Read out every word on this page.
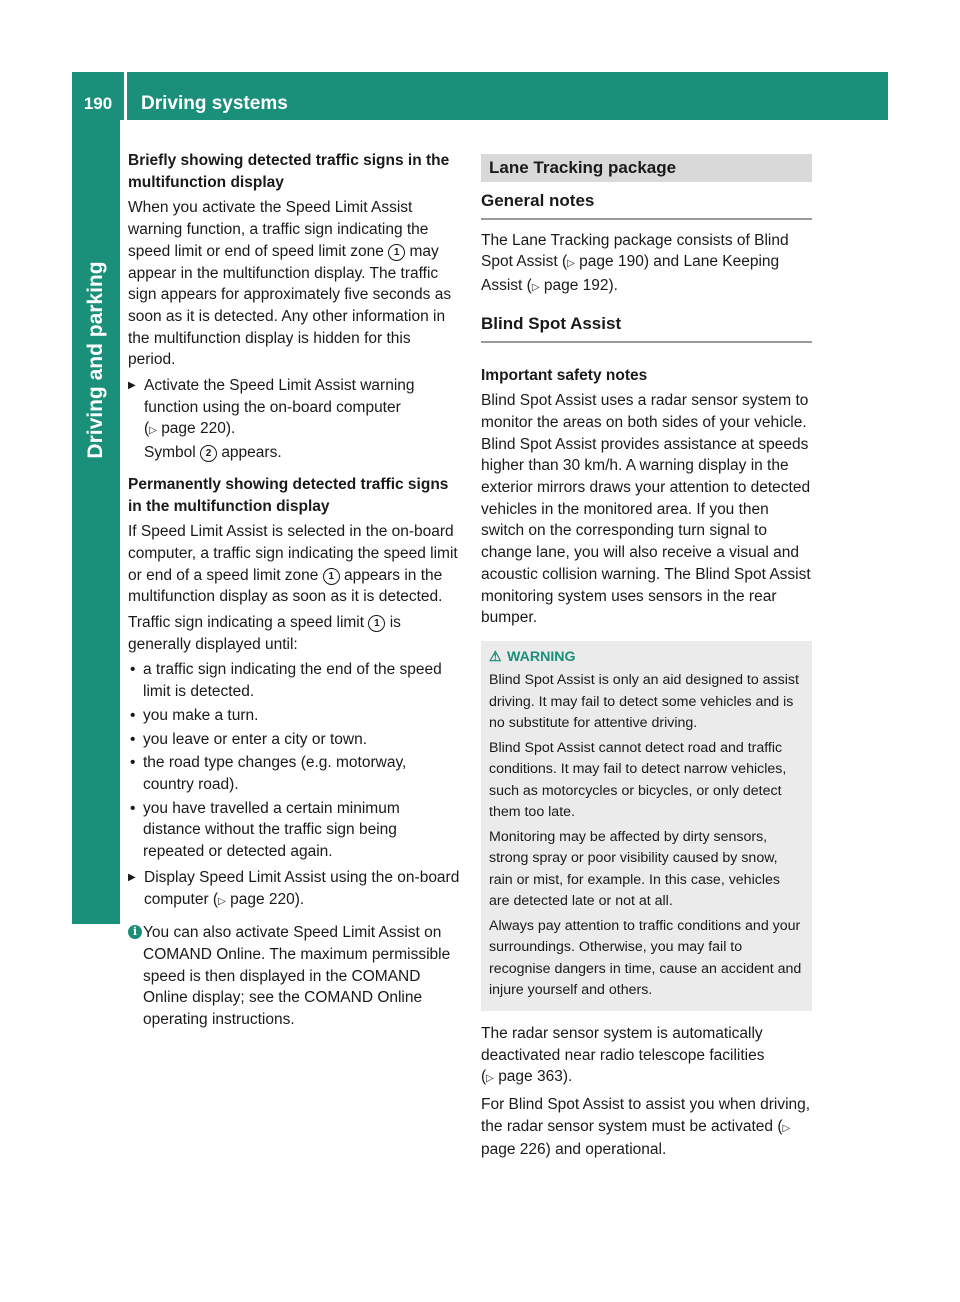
190	Driving systems
Driving and parking
Briefly showing detected traffic signs in the multifunction display

When you activate the Speed Limit Assist warning function, a traffic sign indicating the speed limit or end of speed limit zone 1 may appear in the multifunction display. The traffic sign appears for approximately five seconds as soon as it is detected. Any other information in the multifunction display is hidden for this period.

▶ Activate the Speed Limit Assist warning function using the on-board computer
(▷ page 220).
Symbol 2 appears.
Permanently showing detected traffic signs in the multifunction display

If Speed Limit Assist is selected in the on-board computer, a traffic sign indicating the speed limit or end of a speed limit zone 1 appears in the multifunction display as soon as it is detected.

Traffic sign indicating a speed limit 1 is generally displayed until:

• a traffic sign indicating the end of the speed limit is detected.
• you make a turn.
• you leave or enter a city or town.
• the road type changes (e.g. motorway, country road).
• you have travelled a certain minimum distance without the traffic sign being repeated or detected again.
▶ Display Speed Limit Assist using the on-board computer (▷ page 220).
i You can also activate Speed Limit Assist on COMAND Online. The maximum permissible speed is then displayed in the COMAND Online display; see the COMAND Online operating instructions.
Lane Tracking package
General notes

The Lane Tracking package consists of Blind Spot Assist (▷ page 190) and Lane Keeping Assist (▷ page 192).

Blind Spot Assist
Important safety notes

Blind Spot Assist uses a radar sensor system to monitor the areas on both sides of your vehicle. Blind Spot Assist provides assistance at speeds higher than 30 km/h. A warning display in the exterior mirrors draws your attention to detected vehicles in the monitored area. If you then switch on the corresponding turn signal to change lane, you will also receive a visual and acoustic collision warning. The Blind Spot Assist monitoring system uses sensors in the rear bumper.

⚠ WARNING

Blind Spot Assist is only an aid designed to assist driving. It may fail to detect some vehicles and is no substitute for attentive driving.

Blind Spot Assist cannot detect road and traffic conditions. It may fail to detect narrow vehicles, such as motorcycles or bicycles, or only detect them too late.

Monitoring may be affected by dirty sensors, strong spray or poor visibility caused by snow, rain or mist, for example. In this case, vehicles are detected late or not at all.

Always pay attention to traffic conditions and your surroundings. Otherwise, you may fail to recognise dangers in time, cause an accident and injure yourself and others.

The radar sensor system is automatically deactivated near radio telescope facilities
(▷ page 363).

For Blind Spot Assist to assist you when driving, the radar sensor system must be activated (▷ page 226) and operational.
